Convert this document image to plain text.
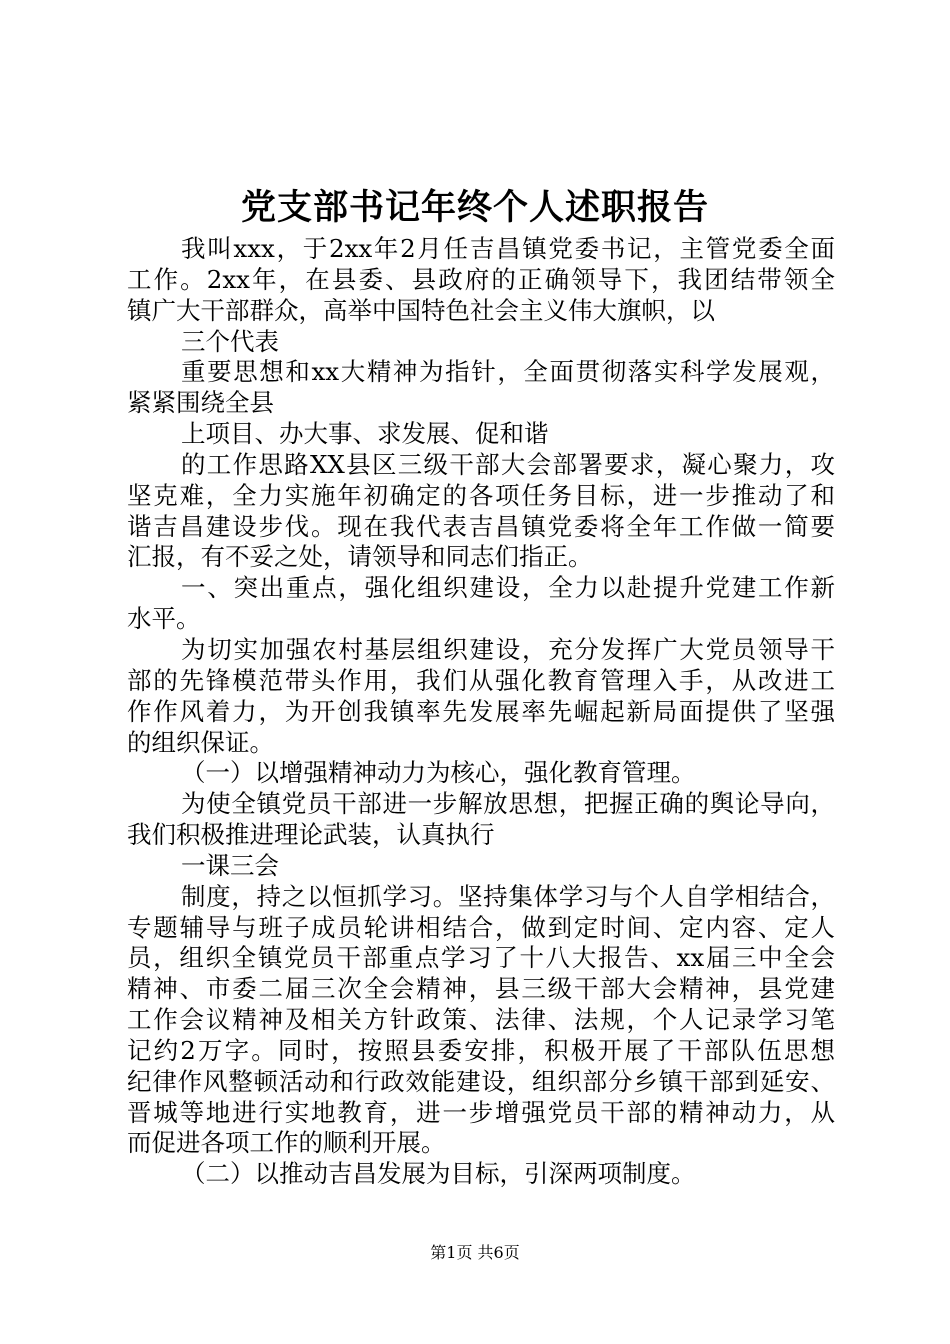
党支部书记年终个人述职报告
我叫xxx，于2xx年2月任吉昌镇党委书记，主管党委全面
工作。2xx年，在县委、县政府的正确领导下，我团结带领全
镇广大干部群众，高举中国特色社会主义伟大旗帜，以
三个代表
重要思想和xx大精神为指针，全面贯彻落实科学发展观，
紧紧围绕全县
上项目、办大事、求发展、促和谐
的工作思路XX县区三级干部大会部署要求，凝心聚力，攻
坚克难，全力实施年初确定的各项任务目标，进一步推动了和
谐吉昌建设步伐。现在我代表吉昌镇党委将全年工作做一简要
汇报，有不妥之处，请领导和同志们指正。
一、突出重点，强化组织建设，全力以赴提升党建工作新
水平。
为切实加强农村基层组织建设，充分发挥广大党员领导干
部的先锋模范带头作用，我们从强化教育管理入手，从改进工
作作风着力，为开创我镇率先发展率先崛起新局面提供了坚强
的组织保证。
（一）以增强精神动力为核心，强化教育管理。
为使全镇党员干部进一步解放思想，把握正确的舆论导向，
我们积极推进理论武装，认真执行
一课三会
制度，持之以恒抓学习。坚持集体学习与个人自学相结合，
专题辅导与班子成员轮讲相结合，做到定时间、定内容、定人
员，组织全镇党员干部重点学习了十八大报告、xx届三中全会
精神、市委二届三次全会精神，县三级干部大会精神，县党建
工作会议精神及相关方针政策、法律、法规，个人记录学习笔
记约2万字。同时，按照县委安排，积极开展了干部队伍思想
纪律作风整顿活动和行政效能建设，组织部分乡镇干部到延安、
晋城等地进行实地教育，进一步增强党员干部的精神动力，从
而促进各项工作的顺利开展。
（二）以推动吉昌发展为目标，引深两项制度。
第1页 共6页
